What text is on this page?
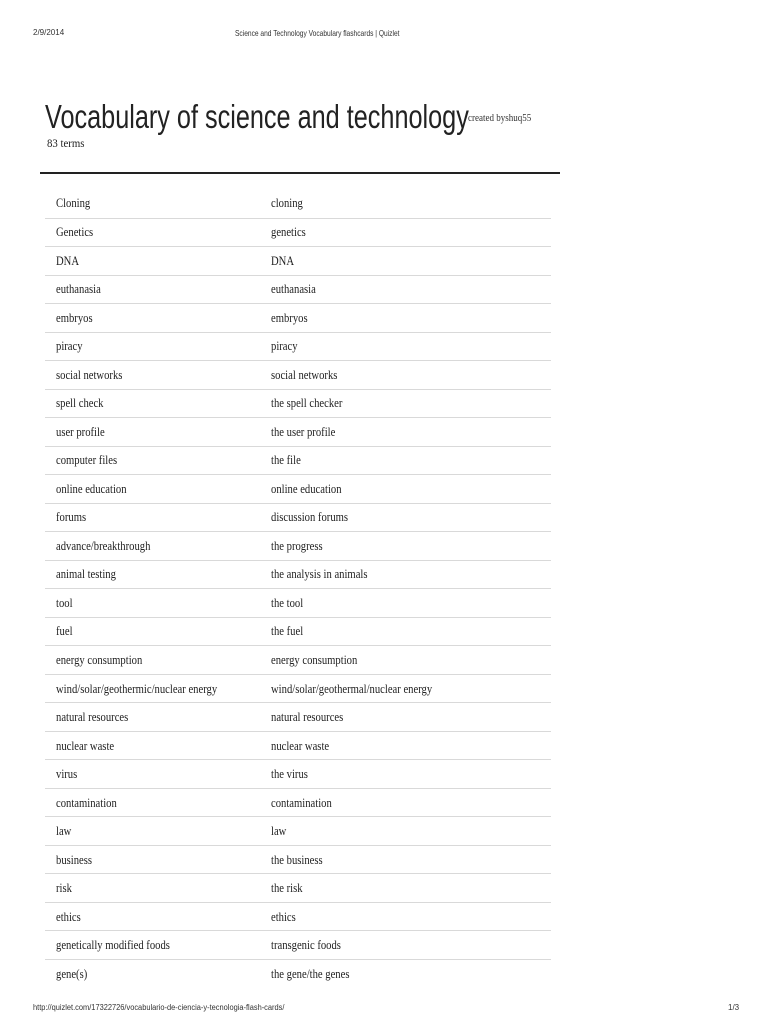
2/9/2014	Science and Technology Vocabulary flashcards | Quizlet
Vocabulary of science and technology created byshuq55
83 terms
Cloning	cloning
Genetics	genetics
DNA	DNA
euthanasia	euthanasia
embryos	embryos
piracy	piracy
social networks	social networks
spell check	the spell checker
user profile	the user profile
computer files	the file
online education	online education
forums	discussion forums
advance/breakthrough	the progress
animal testing	the analysis in animals
tool	the tool
fuel	the fuel
energy consumption	energy consumption
wind/solar/geothermic/nuclear energy	wind/solar/geothermal/nuclear energy
natural resources	natural resources
nuclear waste	nuclear waste
virus	the virus
contamination	contamination
law	law
business	the business
risk	the risk
ethics	ethics
genetically modified foods	transgenic foods
gene(s)	the gene/the genes
http://quizlet.com/17322726/vocabulario-de-ciencia-y-tecnologia-flash-cards/	1/3
